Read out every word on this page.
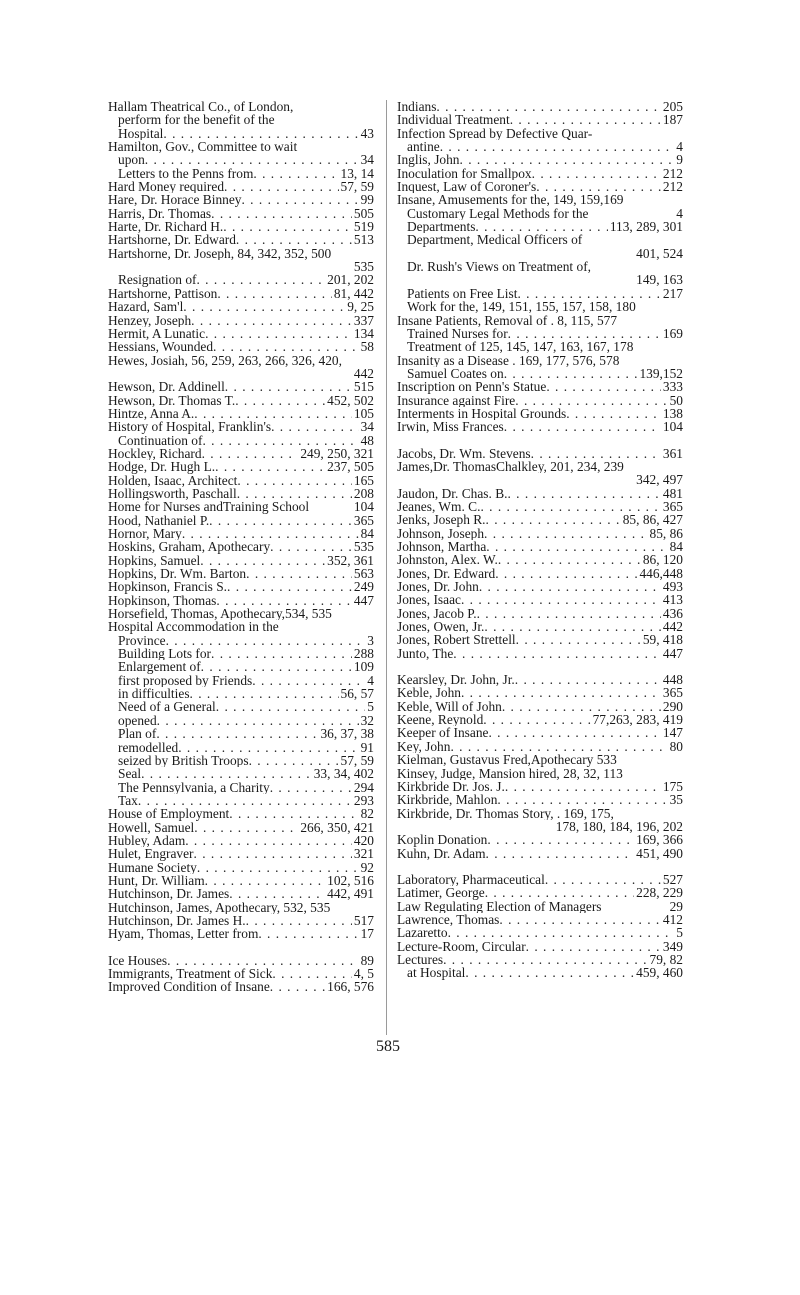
Hallam Theatrical Co., of London,
perform for the benefit of the
Hospital . . .	43
Hamilton, Gov., Committee to wait
upon . . .	34
Letters to the Penns from . . .	13, 14
Hard Money required . . .	57, 59
Hare, Dr. Horace Binney . . .	99
Harris, Dr. Thomas . . .	505
Harte, Dr. Richard H. . . .	519
Hartshorne, Dr. Edward . . .	513
Hartshorne, Dr. Joseph, 84, 342, 352, 500
535
Resignation of . . .	201, 202
Hartshorne, Pattison . . .	81, 442
Hazard, Sam'l . . .	9, 25
Henzey, Joseph . . .	337
Hermit, A Lunatic . . .	134
Hessians, Wounded . . .	58
Hewes, Josiah, 56, 259, 263, 266, 326, 420,
442
Hewson, Dr. Addinell . . .	515
Hewson, Dr. Thomas T. . . .	452, 502
Hintze, Anna A. . . .	105
History of Hospital, Franklin's . . .	34
Continuation of . . .	48
Hockley, Richard . . .	249, 250, 321
Hodge, Dr. Hugh L. . . .	237, 505
Holden, Isaac, Architect . . .	165
Hollingsworth, Paschall . . .	208
Home for Nurses andTraining School	104
Hood, Nathaniel P. . . .	365
Hornor, Mary . . .	84
Hoskins, Graham, Apothecary . . .	535
Hopkins, Samuel . . .	352, 361
Hopkins, Dr. Wm. Barton . . .	563
Hopkinson, Francis S. . . .	249
Hopkinson, Thomas . . .	447
Horsefield, Thomas, Apothecary,534, 535
Hospital Accommodation in the
Province . . .	3
Building Lots for . . .	288
Enlargement of . . .	109
first proposed by Friends . . .	4
in difficulties . . .	56, 57
Need of a General . . .	5
opened . . .	32
Plan of . . .	36, 37, 38
remodelled . . .	91
seized by British Troops . . .	57, 59
Seal . . .	33, 34, 402
The Pennsylvania, a Charity . . .	294
Tax . . .	293
House of Employment . . .	82
Howell, Samuel . . .	266, 350, 421
Hubley, Adam . . .	420
Hulet, Engraver . . .	321
Humane Society . . .	92
Hunt, Dr. William . . .	102, 516
Hutchinson, Dr. James . . .	442, 491
Hutchinson, James, Apothecary, 532, 535
Hutchinson, Dr. James H. . . .	517
Hyam, Thomas, Letter from . . .	17
Ice Houses . . .	89
Immigrants, Treatment of Sick . . .	4, 5
Improved Condition of Insane . . .	166, 576
Indians . . .	205
Individual Treatment . . .	187
Infection Spread by Defective Quar-
antine . . .	4
Inglis, John . . .	9
Inoculation for Smallpox . . .	212
Inquest, Law of Coroner's . . .	212
Insane, Amusements for the, 149, 159,169
Customary Legal Methods for the	4
Departments . . .	113, 289, 301
Department, Medical Officers of
401, 524
Dr. Rush's Views on Treatment of,
149, 163
Patients on Free List . . .	217
Work for the, 149, 151, 155, 157, 158, 180
Insane Patients, Removal of . 8, 115, 577
Trained Nurses for . . .	169
Treatment of 125, 145, 147, 163, 167, 178
Insanity as a Disease . 169, 177, 576, 578
Samuel Coates on . . .	139,152
Inscription on Penn's Statue . . .	333
Insurance against Fire . . .	50
Interments in Hospital Grounds . . .	138
Irwin, Miss Frances . . .	104
Jacobs, Dr. Wm. Stevens . . .	361
James,Dr. ThomasChalkley, 201, 234, 239
342, 497
Jaudon, Dr. Chas. B. . . .	481
Jeanes, Wm. C. . . .	365
Jenks, Joseph R. . . .	85, 86, 427
Johnson, Joseph . . .	85, 86
Johnson, Martha . . .	84
Johnston, Alex. W. . . .	86, 120
Jones, Dr. Edward . . .	446,448
Jones, Dr. John . . .	493
Jones, Isaac . . .	413
Jones, Jacob P. . . .	436
Jones, Owen, Jr. . . .	442
Jones, Robert Strettell . . .	59, 418
Junto, The . . .	447
Kearsley, Dr. John, Jr. . . .	448
Keble, John . . .	365
Keble, Will of John . . .	290
Keene, Reynold . . .	77,263, 283, 419
Keeper of Insane . . .	147
Key, John . . .	80
Kielman, Gustavus Fred,Apothecary 533
Kinsey, Judge, Mansion hired, 28, 32, 113
Kirkbride Dr. Jos. J. . . .	175
Kirkbride, Mahlon . . .	35
Kirkbride, Dr. Thomas Story, . 169, 175,
178, 180, 184, 196, 202
Koplin Donation . . .	169, 366
Kuhn, Dr. Adam . . .	451, 490
Laboratory, Pharmaceutical . . .	527
Latimer, George . . .	228, 229
Law Regulating Election of Managers	29
Lawrence, Thomas . . .	412
Lazaretto . . .	5
Lecture-Room, Circular . . .	349
Lectures . . .	79, 82
at Hospital . . .	459, 460
585
